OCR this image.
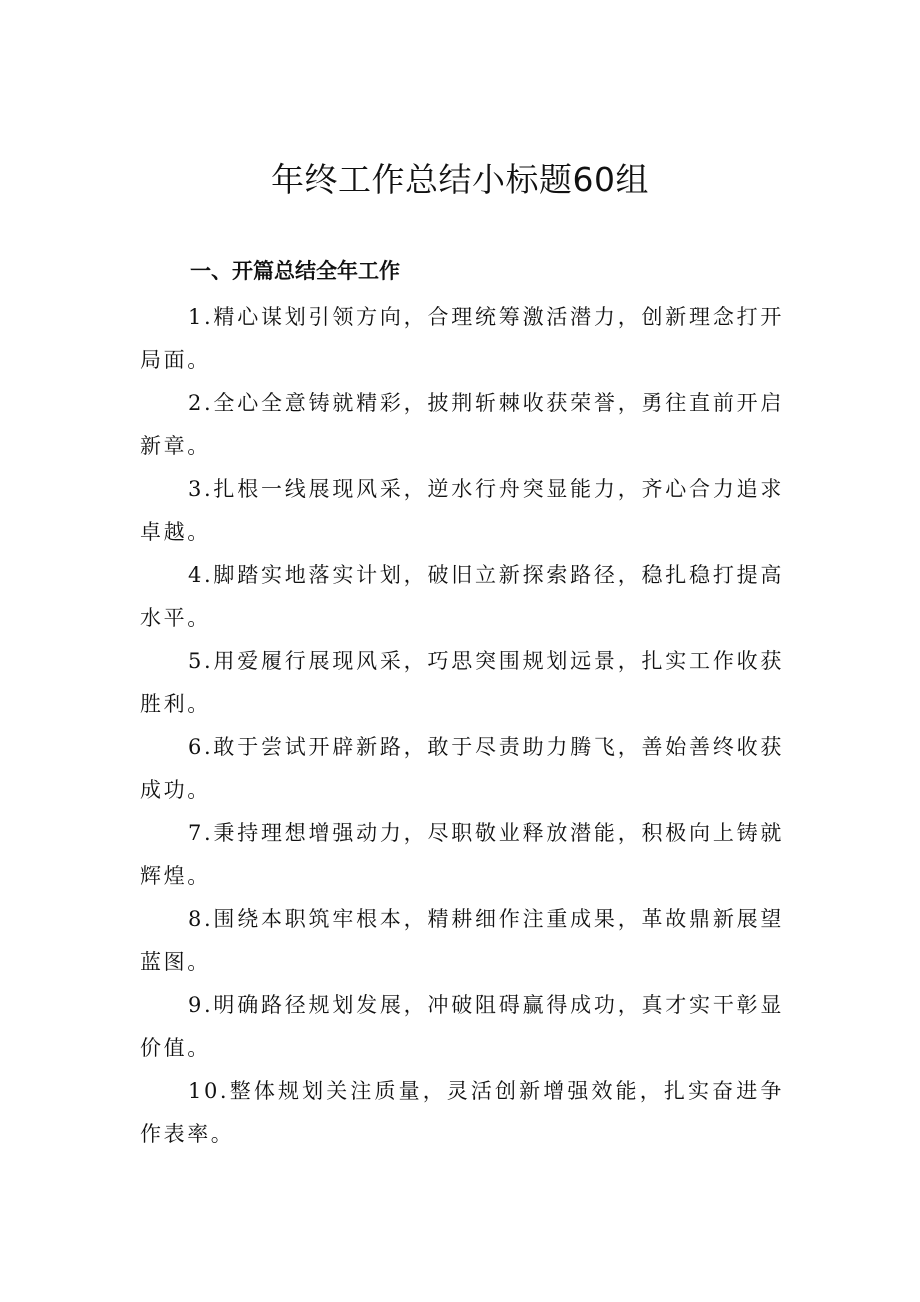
年终工作总结小标题60组
一、开篇总结全年工作

1.精心谋划引领方向，合理统筹激活潜力，创新理念打开局面。

2.全心全意铸就精彩，披荆斩棘收获荣誉，勇往直前开启新章。

3.扎根一线展现风采，逆水行舟突显能力，齐心合力追求卓越。

4.脚踏实地落实计划，破旧立新探索路径，稳扎稳打提高水平。

5.用爱履行展现风采，巧思突围规划远景，扎实工作收获胜利。

6.敢于尝试开辟新路，敢于尽责助力腾飞，善始善终收获成功。

7.秉持理想增强动力，尽职敬业释放潜能，积极向上铸就辉煌。

8.围绕本职筑牢根本，精耕细作注重成果，革故鼎新展望蓝图。

9.明确路径规划发展，冲破阻碍赢得成功，真才实干彰显价值。

10.整体规划关注质量，灵活创新增强效能，扎实奋进争作表率。
